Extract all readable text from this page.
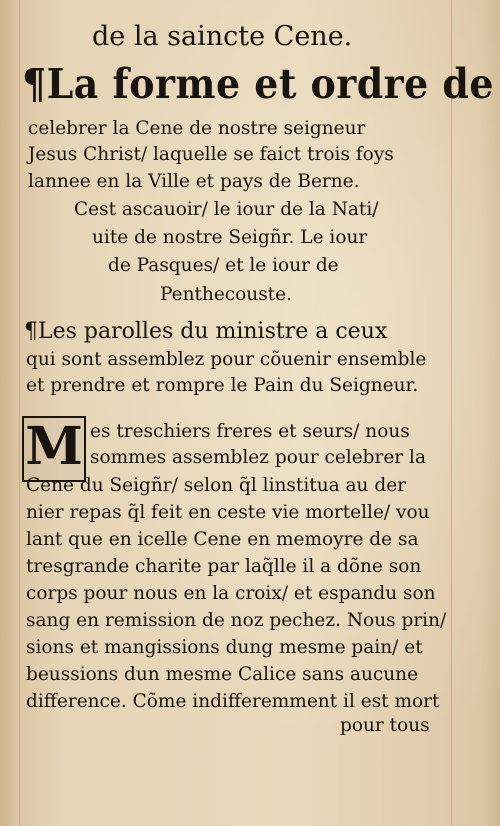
de la saincte Cene.
¶La forme et ordre de
celebrer la Cene de nostre seigneur
Jesus Christ/ laquelle se faict trois foys
lannee en la Ville et pays de Berne.
Cest ascauoir/ le iour de la Nati/
uite de nostre Seigñr. Le iour
de Pasques/ et le iour de
Penthecouste.
¶Les parolles du ministre a ceux
qui sont assemblez pour cõuenir ensemble
et prendre et rompre le Pain du Seigneur.
M es treschiers freres et seurs/ nous
sommes assemblez pour celebrer la
Cene du Seigñr/ selon q̃l linstitua au der
nier repas q̃l feit en ceste vie mortelle/ vou
lant que en icelle Cene en memoyre de sa
tresgrande charite par laq̃lle il a dõne son
corps pour nous en la croix/ et espandu son
sang en remission de noz pechez. Nous prin/
sions et mangissions dung mesme pain/ et
beussions dun mesme Calice sans aucune
difference. Cõme indifferemment il est mort
pour tous
